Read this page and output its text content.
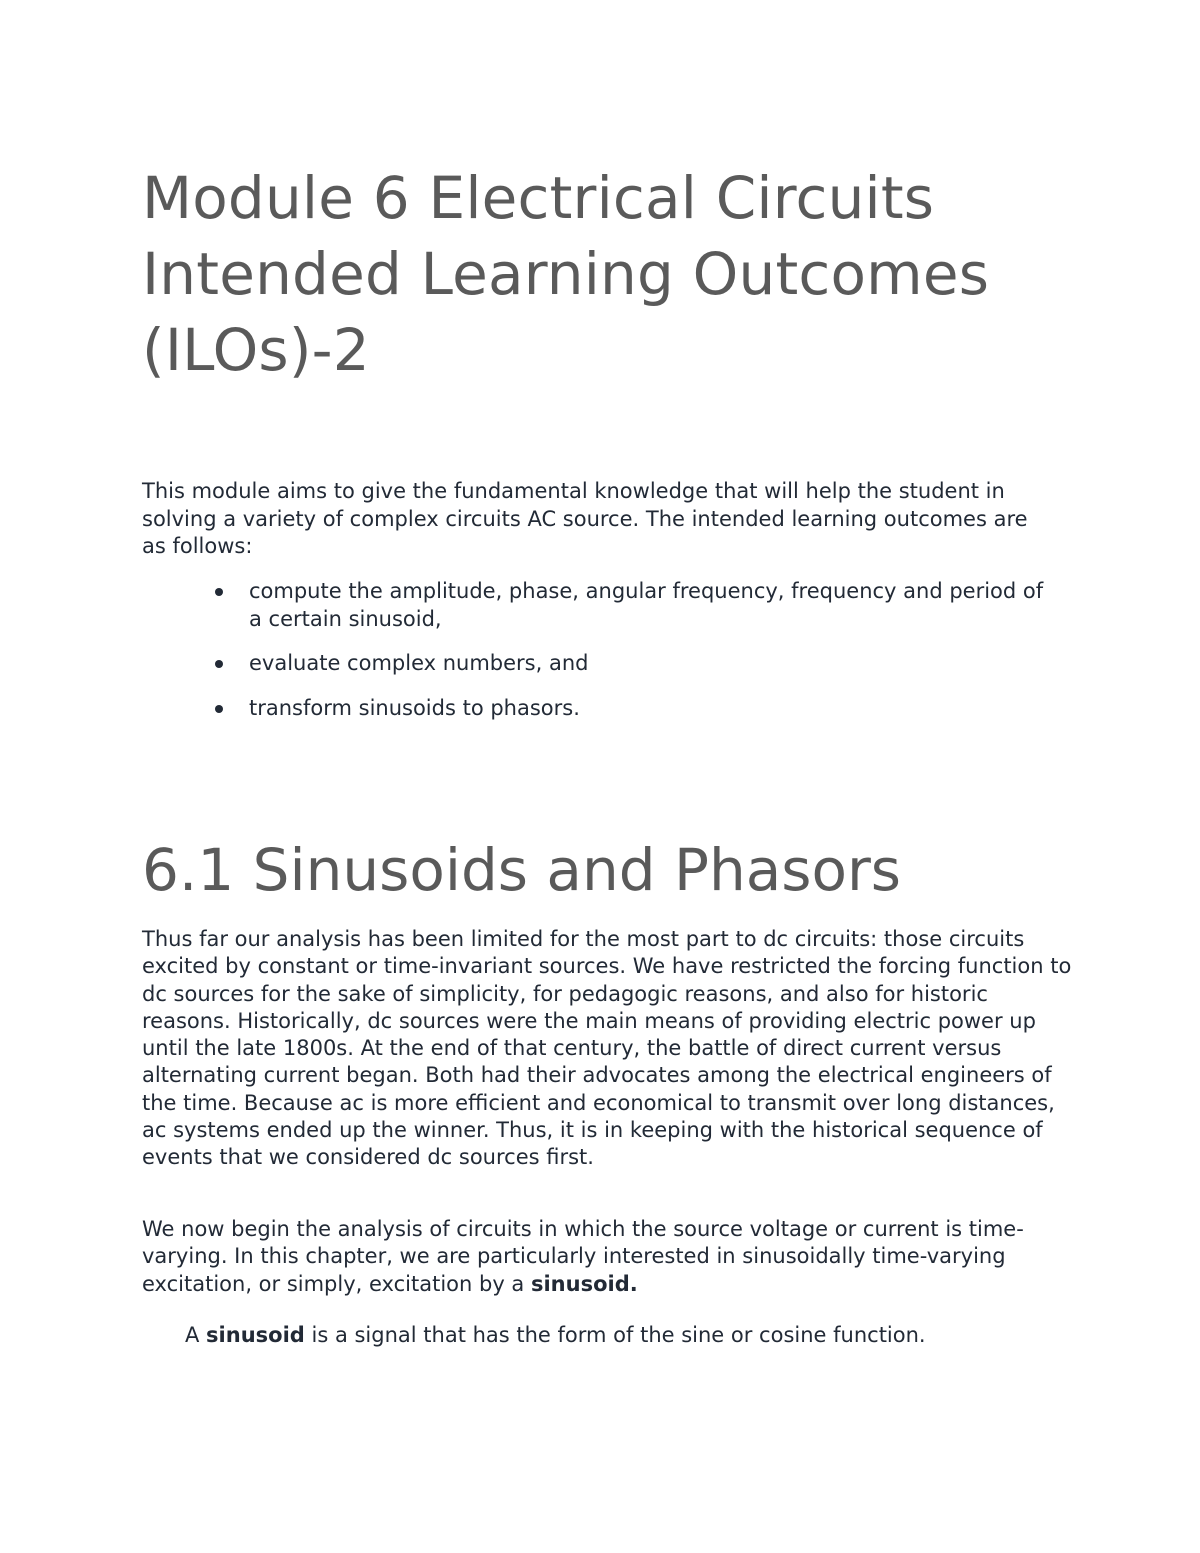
Module 6 Electrical Circuits
Intended Learning Outcomes
(ILOs)-2

This module aims to give the fundamental knowledge that will help the student in solving a variety of complex circuits AC source. The intended learning outcomes are as follows:

compute the amplitude, phase, angular frequency, frequency and period of a certain sinusoid,
evaluate complex numbers, and
transform sinusoids to phasors.
6.1 Sinusoids and Phasors

Thus far our analysis has been limited for the most part to dc circuits: those circuits excited by constant or time-invariant sources. We have restricted the forcing function to dc sources for the sake of simplicity, for pedagogic reasons, and also for historic reasons. Historically, dc sources were the main means of providing electric power up until the late 1800s. At the end of that century, the battle of direct current versus alternating current began. Both had their advocates among the electrical engineers of the time. Because ac is more efficient and economical to transmit over long distances, ac systems ended up the winner. Thus, it is in keeping with the historical sequence of events that we considered dc sources first.

We now begin the analysis of circuits in which the source voltage or current is time-varying. In this chapter, we are particularly interested in sinusoidally time-varying excitation, or simply, excitation by a sinusoid.

A sinusoid is a signal that has the form of the sine or cosine function.
